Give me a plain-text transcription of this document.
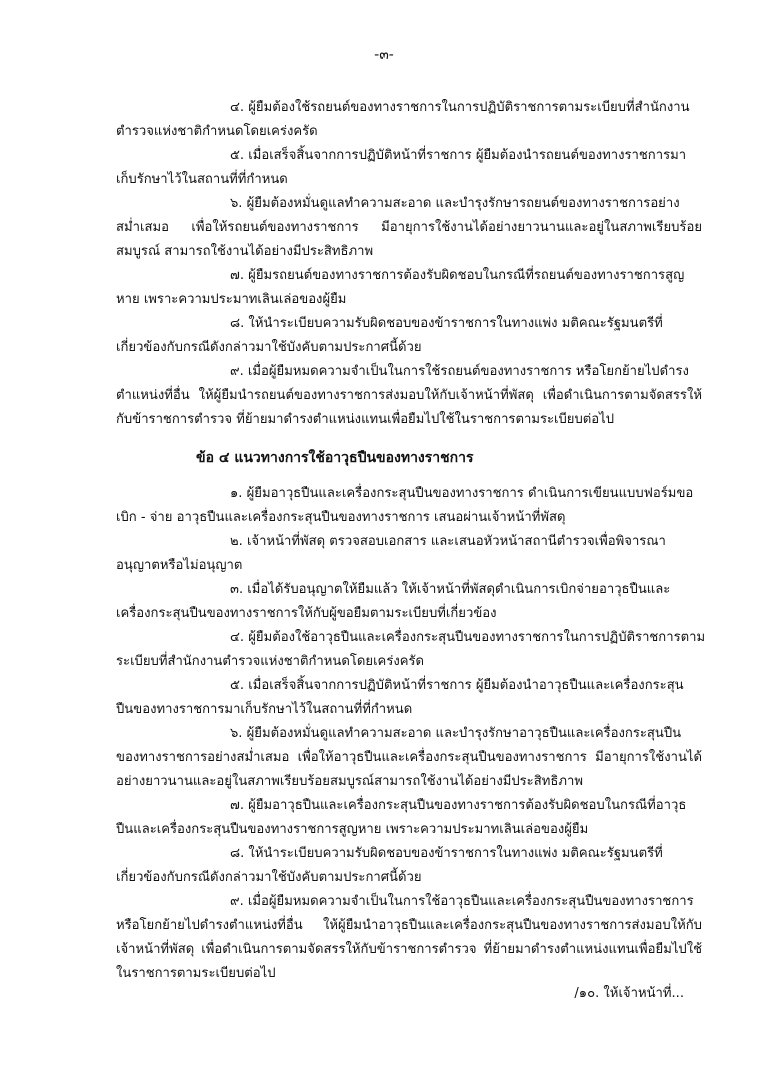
-๓-
๔. ผู้ยืมต้องใช้รถยนต์ของทางราชการในการปฏิบัติราชการตามระเบียบที่สำนักงาน
ตำรวจแห่งชาติกำหนดโดยเคร่งครัด
๕. เมื่อเสร็จสิ้นจากการปฏิบัติหน้าที่ราชการ ผู้ยืมต้องนำรถยนต์ของทางราชการมา
เก็บรักษาไว้ในสถานที่ที่กำหนด
๖. ผู้ยืมต้องหมั่นดูแลทำความสะอาด และบำรุงรักษารถยนต์ของทางราชการอย่าง
สม่ำเสมอ เพื่อให้รถยนต์ของทางราชการ มีอายุการใช้งานได้อย่างยาวนานและอยู่ในสภาพเรียบร้อยสมบูรณ์ สามารถใช้งานได้อย่างมีประสิทธิภาพ
๗. ผู้ยืมรถยนต์ของทางราชการต้องรับผิดชอบในกรณีที่รถยนต์ของทางราชการสูญ
หาย เพราะความประมาทเลินเล่อของผู้ยืม
๘. ให้นำระเบียบความรับผิดชอบของข้าราชการในทางแพ่ง มติคณะรัฐมนตรีที่
เกี่ยวข้องกับกรณีดังกล่าวมาใช้บังคับตามประกาศนี้ด้วย
๙. เมื่อผู้ยืมหมดความจำเป็นในการใช้รถยนต์ของทางราชการ หรือโยกย้ายไปดำรง
ตำแหน่งที่อื่น ให้ผู้ยืมนำรถยนต์ของทางราชการส่งมอบให้กับเจ้าหน้าที่พัสดุ เพื่อดำเนินการตามจัดสรรให้กับข้าราชการตำรวจ ที่ย้ายมาดำรงตำแหน่งแทนเพื่อยืมไปใช้ในราชการตามระเบียบต่อไป
ข้อ ๔ แนวทางการใช้อาวุธปืนของทางราชการ
๑. ผู้ยืมอาวุธปืนและเครื่องกระสุนปืนของทางราชการ ดำเนินการเขียนแบบฟอร์มขอ
เบิก - จ่าย อาวุธปืนและเครื่องกระสุนปืนของทางราชการ เสนอผ่านเจ้าหน้าที่พัสดุ
๒. เจ้าหน้าที่พัสดุ ตรวจสอบเอกสาร และเสนอหัวหน้าสถานีตำรวจเพื่อพิจารณา
อนุญาตหรือไม่อนุญาต
๓. เมื่อได้รับอนุญาตให้ยืมแล้ว ให้เจ้าหน้าที่พัสดุดำเนินการเบิกจ่ายอาวุธปืนและ
เครื่องกระสุนปืนของทางราชการให้กับผู้ขอยืมตามระเบียบที่เกี่ยวข้อง
๔. ผู้ยืมต้องใช้อาวุธปืนและเครื่องกระสุนปืนของทางราชการในการปฏิบัติราชการตาม
ระเบียบที่สำนักงานตำรวจแห่งชาติกำหนดโดยเคร่งครัด
๕. เมื่อเสร็จสิ้นจากการปฏิบัติหน้าที่ราชการ ผู้ยืมต้องนำอาวุธปืนและเครื่องกระสุน
ปืนของทางราชการมาเก็บรักษาไว้ในสถานที่ที่กำหนด
๖. ผู้ยืมต้องหมั่นดูแลทำความสะอาด และบำรุงรักษาอาวุธปืนและเครื่องกระสุนปืน
ของทางราชการอย่างสม่ำเสมอ เพื่อให้อาวุธปืนและเครื่องกระสุนปืนของทางราชการ มีอายุการใช้งานได้อย่างยาวนานและอยู่ในสภาพเรียบร้อยสมบูรณ์สามารถใช้งานได้อย่างมีประสิทธิภาพ
๗. ผู้ยืมอาวุธปืนและเครื่องกระสุนปืนของทางราชการต้องรับผิดชอบในกรณีที่อาวุธ
ปืนและเครื่องกระสุนปืนของทางราชการสูญหาย เพราะความประมาทเลินเล่อของผู้ยืม
๘. ให้นำระเบียบความรับผิดชอบของข้าราชการในทางแพ่ง มติคณะรัฐมนตรีที่
เกี่ยวข้องกับกรณีดังกล่าวมาใช้บังคับตามประกาศนี้ด้วย
๙. เมื่อผู้ยืมหมดความจำเป็นในการใช้อาวุธปืนและเครื่องกระสุนปืนของทางราชการ
หรือโยกย้ายไปดำรงตำแหน่งที่อื่น ให้ผู้ยืมนำอาวุธปืนและเครื่องกระสุนปืนของทางราชการส่งมอบให้กับเจ้าหน้าที่พัสดุ เพื่อดำเนินการตามจัดสรรให้กับข้าราชการตำรวจ ที่ย้ายมาดำรงตำแหน่งแทนเพื่อยืมไปใช้ในราชการตามระเบียบต่อไป
/๑๐. ให้เจ้าหน้าที่...
